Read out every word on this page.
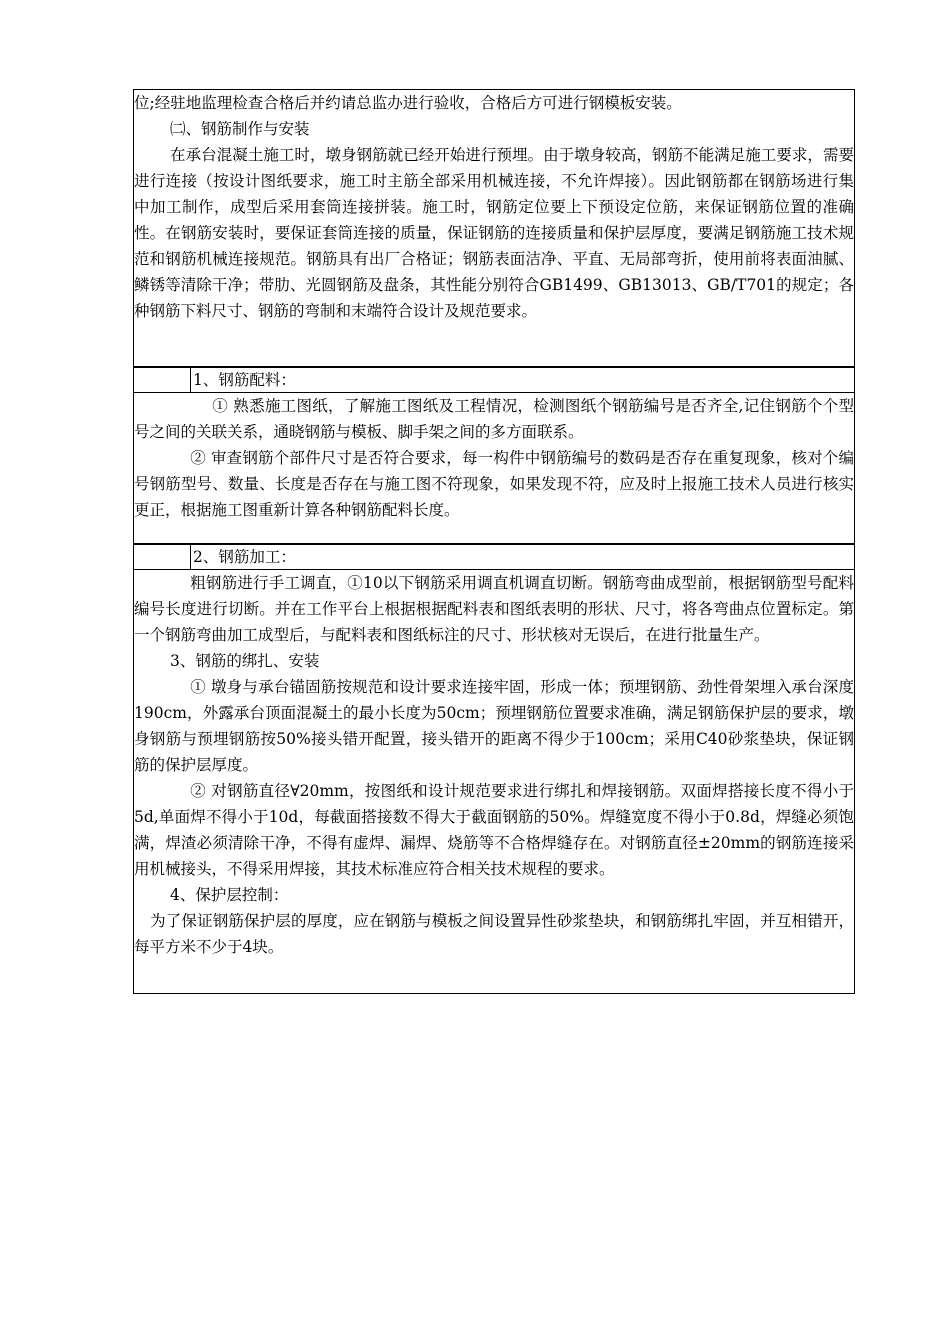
位;经驻地监理检查合格后并约请总监办进行验收，合格后方可进行钢模板安装。

㈡、钢筋制作与安装

在承台混凝土施工时，墩身钢筋就已经开始进行预埋。由于墩身较高，钢筋不能满足施工要求，需要进行连接（按设计图纸要求，施工时主筋全部采用机械连接，不允许焊接）。因此钢筋都在钢筋场进行集中加工制作，成型后采用套筒连接拼装。施工时，钢筋定位要上下预设定位筋，来保证钢筋位置的准确性。在钢筋安装时，要保证套筒连接的质量，保证钢筋的连接质量和保护层厚度，要满足钢筋施工技术规范和钢筋机械连接规范。钢筋具有出厂合格证；钢筋表面洁净、平直、无局部弯折，使用前将表面油腻、鳞锈等清除干净；带肋、光圆钢筋及盘条，其性能分别符合GB1499、GB13013、GB/T701的规定；各种钢筋下料尺寸、钢筋的弯制和末端符合设计及规范要求。

1、钢筋配料：

① 熟悉施工图纸，了解施工图纸及工程情况，检测图纸个钢筋编号是否齐全,记住钢筋个个型号之间的关联关系，通晓钢筋与模板、脚手架之间的多方面联系。

② 审查钢筋个部件尺寸是否符合要求，每一构件中钢筋编号的数码是否存在重复现象，核对个编号钢筋型号、数量、长度是否存在与施工图不符现象，如果发现不符，应及时上报施工技术人员进行核实更正，根据施工图重新计算各种钢筋配料长度。

2、钢筋加工：

粗钢筋进行手工调直，①10以下钢筋采用调直机调直切断。钢筋弯曲成型前，根据钢筋型号配料编号长度进行切断。并在工作平台上根据根据配料表和图纸表明的形状、尺寸，将各弯曲点位置标定。第一个钢筋弯曲加工成型后，与配料表和图纸标注的尺寸、形状核对无误后，在进行批量生产。

3、钢筋的绑扎、安装

① 墩身与承台锚固筋按规范和设计要求连接牢固，形成一体；预埋钢筋、劲性骨架埋入承台深度190cm，外露承台顶面混凝土的最小长度为50cm；预埋钢筋位置要求准确，满足钢筋保护层的要求，墩身钢筋与预埋钢筋按50%接头错开配置，接头错开的距离不得少于100cm；采用C40砂浆垫块，保证钢筋的保护层厚度。

② 对钢筋直径∀20mm，按图纸和设计规范要求进行绑扎和焊接钢筋。双面焊搭接长度不得小于5d,单面焊不得小于10d，每截面搭接数不得大于截面钢筋的50%。焊缝宽度不得小于0.8d，焊缝必须饱满，焊渣必须清除干净，不得有虚焊、漏焊、烧筋等不合格焊缝存在。对钢筋直径±20mm的钢筋连接采用机械接头，不得采用焊接，其技术标准应符合相关技术规程的要求。

4、保护层控制：

为了保证钢筋保护层的厚度，应在钢筋与模板之间设置异性砂浆垫块，和钢筋绑扎牢固，并互相错开，每平方米不少于4块。
